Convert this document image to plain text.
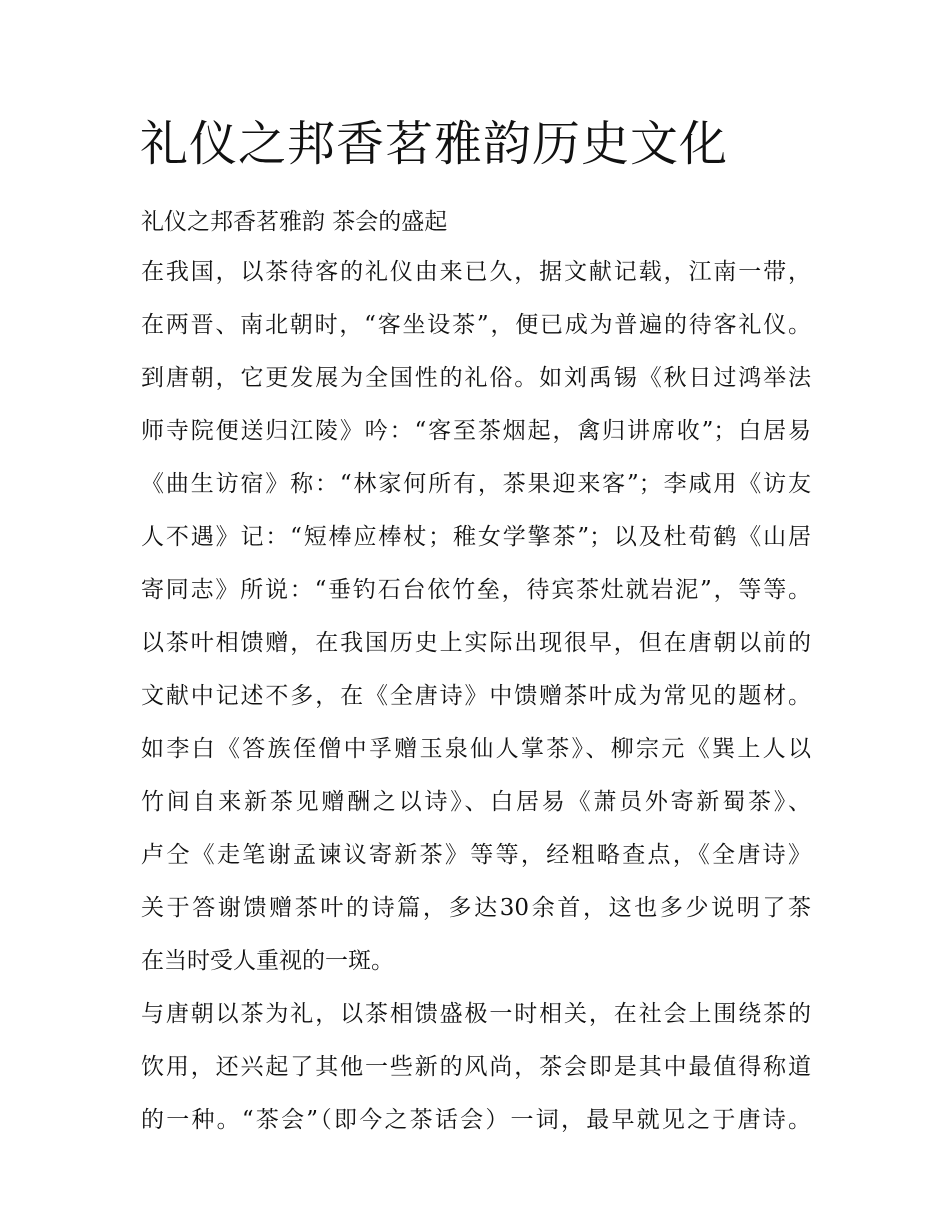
礼仪之邦香茗雅韵历史文化

礼仪之邦香茗雅韵 茶会的盛起

在我国，以茶待客的礼仪由来已久，据文献记载，江南一带，

在两晋、南北朝时，“客坐设茶”，便已成为普遍的待客礼仪。

到唐朝，它更发展为全国性的礼俗。如刘禹锡《秋日过鸿举法

师寺院便送归江陵》吟：“客至茶烟起，禽归讲席收”；白居易

《曲生访宿》称：“林家何所有，茶果迎来客”；李咸用《访友

人不遇》记：“短棒应棒杖；稚女学擎茶”；以及杜荀鹤《山居

寄同志》所说：“垂钓石台依竹垒，待宾茶灶就岩泥”，等等。

以茶叶相馈赠，在我国历史上实际出现很早，但在唐朝以前的

文献中记述不多，在《全唐诗》中馈赠茶叶成为常见的题材。

如李白《答族侄僧中孚赠玉泉仙人掌茶》、柳宗元《巽上人以

竹间自来新茶见赠酬之以诗》、白居易《萧员外寄新蜀茶》、

卢仝《走笔谢孟谏议寄新茶》等等，经粗略查点，《全唐诗》

关于答谢馈赠茶叶的诗篇，多达30余首，这也多少说明了茶

在当时受人重视的一斑。

与唐朝以茶为礼，以茶相馈盛极一时相关，在社会上围绕茶的

饮用，还兴起了其他一些新的风尚，茶会即是其中最值得称道

的一种。“茶会”（即今之茶话会）一词，最早就见之于唐诗。
